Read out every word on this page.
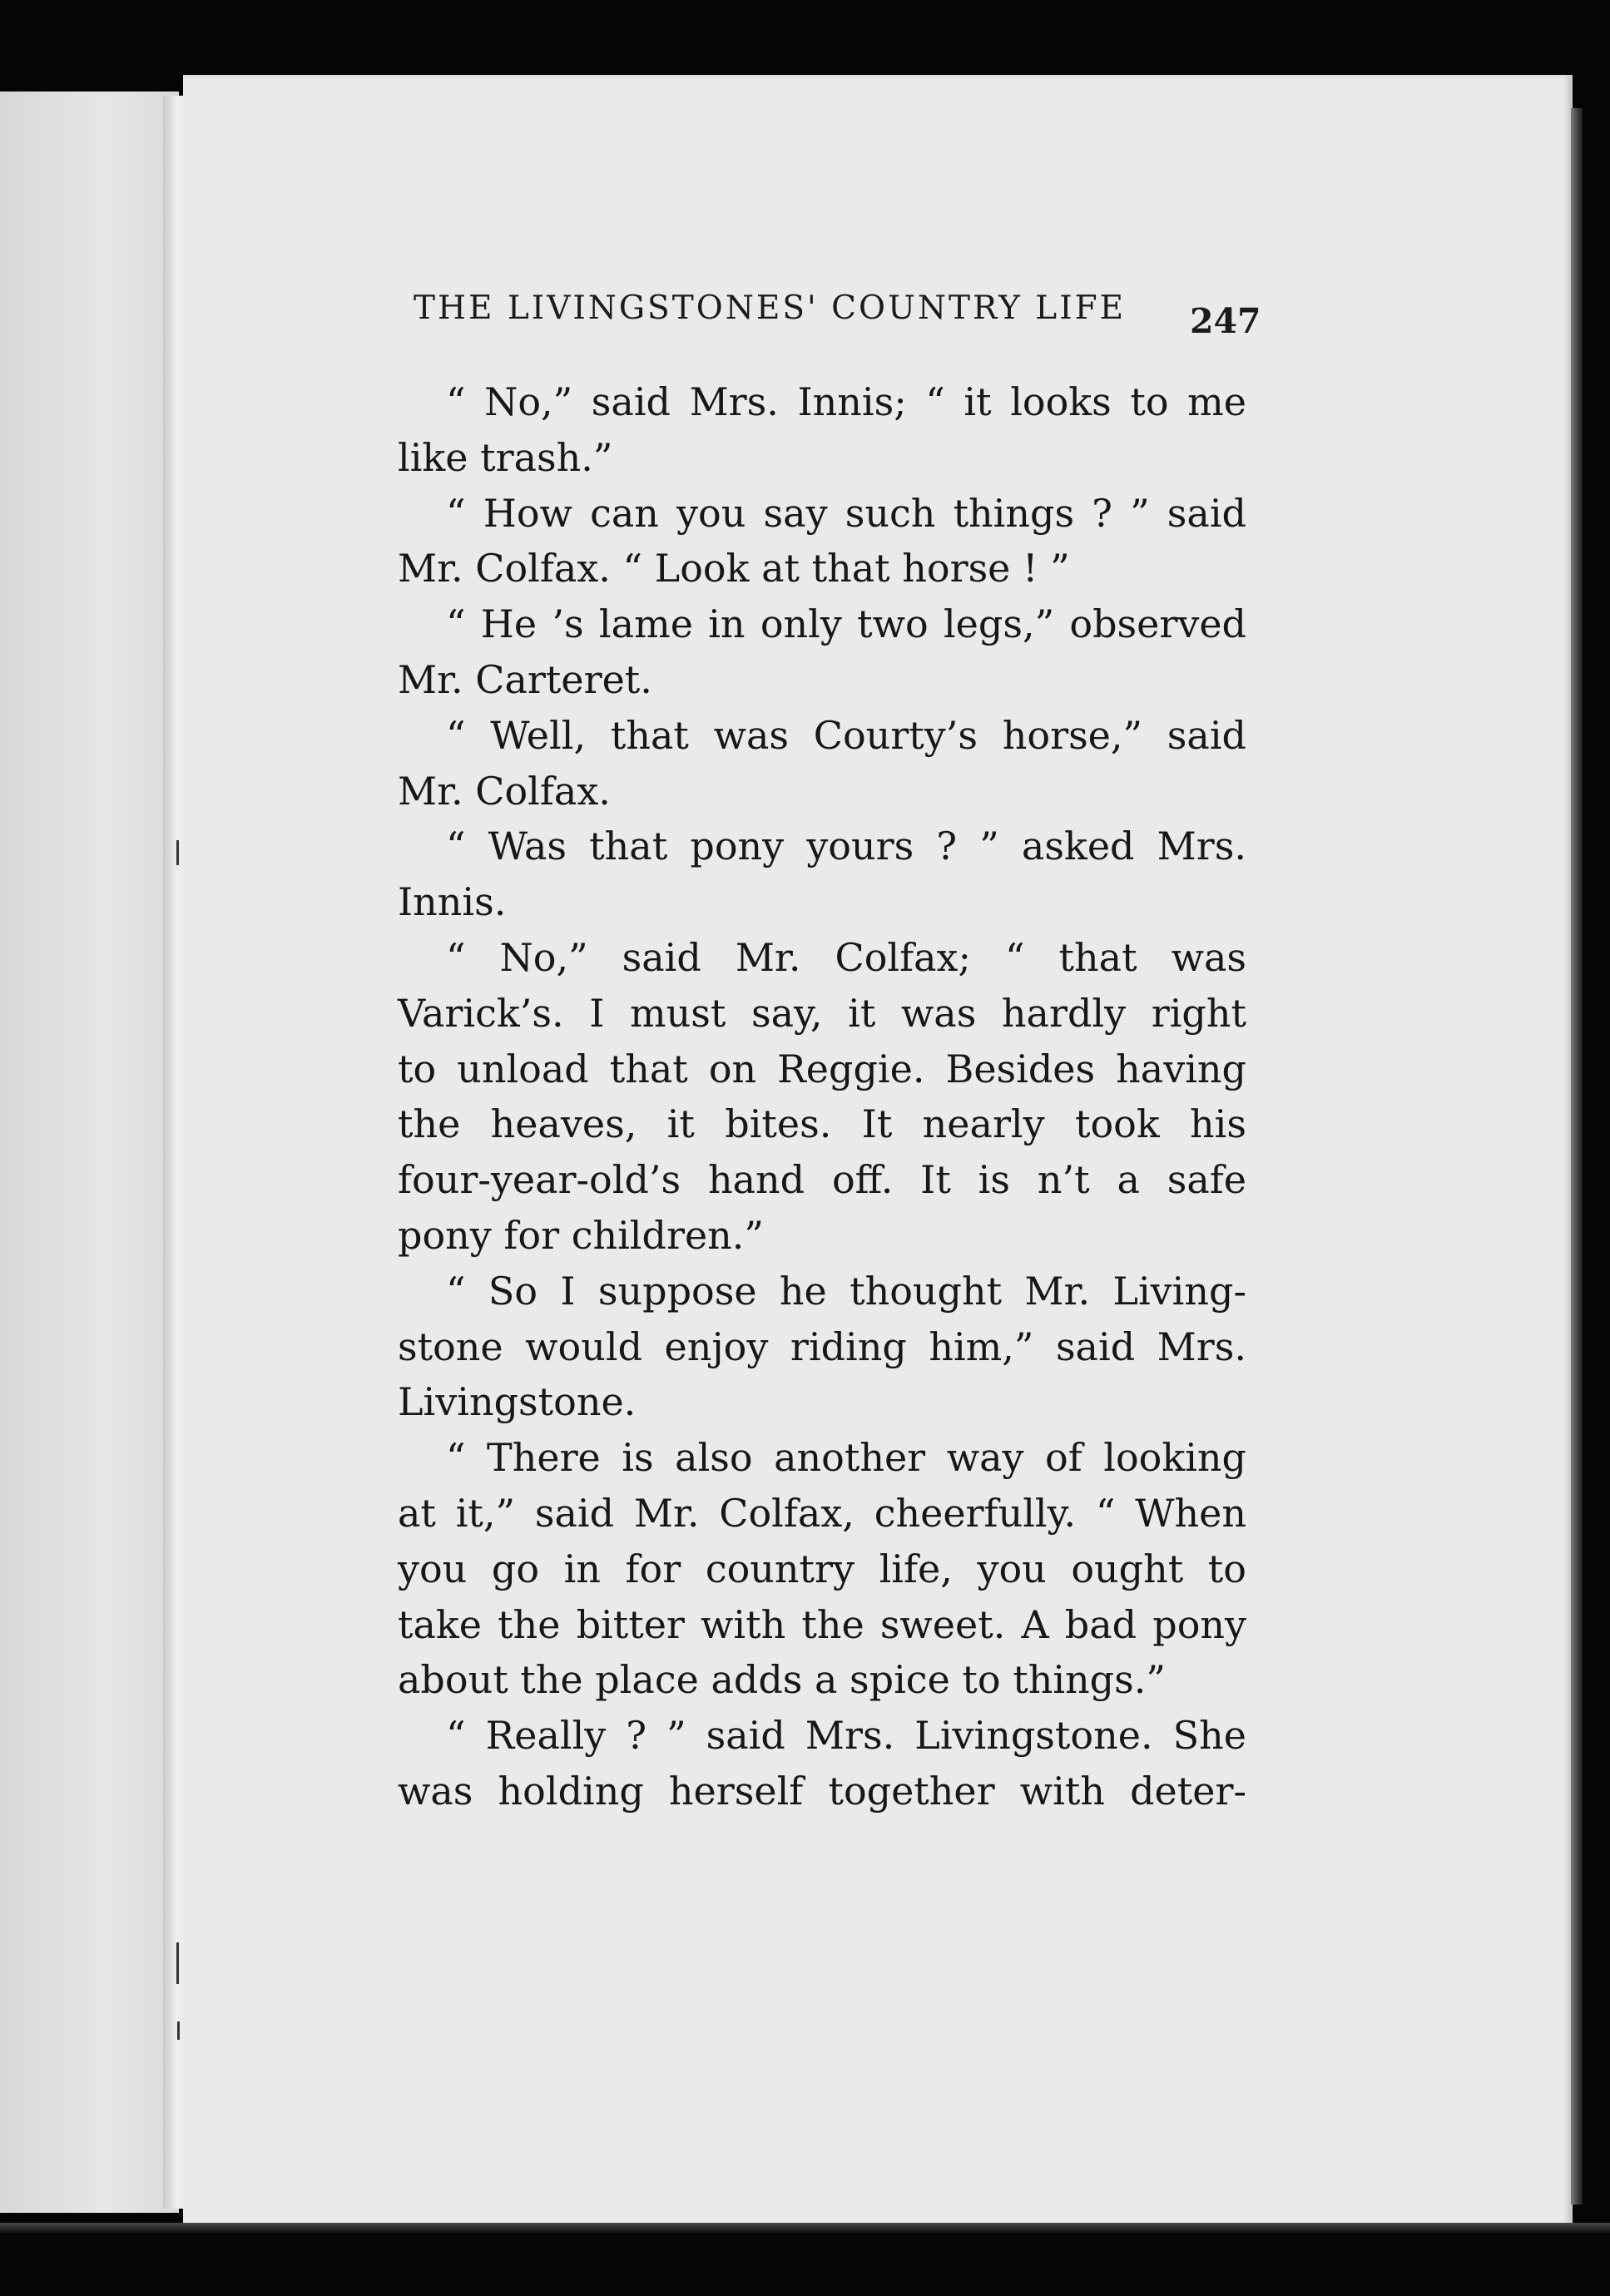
THE LIVINGSTONES' COUNTRY LIFE	247
“ No,” said Mrs. Innis; “ it looks to me
like trash.”
“ How can you say such things ? ” said
Mr. Colfax. “ Look at that horse ! ”
“ He ’s lame in only two legs,” observed
Mr. Carteret.
“ Well, that was Courty’s horse,” said
Mr. Colfax.
“ Was that pony yours ? ” asked Mrs.
Innis.
“ No,” said Mr. Colfax; “ that was
Varick’s. I must say, it was hardly right
to unload that on Reggie. Besides having
the heaves, it bites. It nearly took his
four-year-old’s hand off. It is n’t a safe
pony for children.”
“ So I suppose he thought Mr. Living-
stone would enjoy riding him,” said Mrs.
Livingstone.
“ There is also another way of looking
at it,” said Mr. Colfax, cheerfully. “ When
you go in for country life, you ought to
take the bitter with the sweet. A bad pony
about the place adds a spice to things.”
“ Really ? ” said Mrs. Livingstone. She
was holding herself together with deter-
